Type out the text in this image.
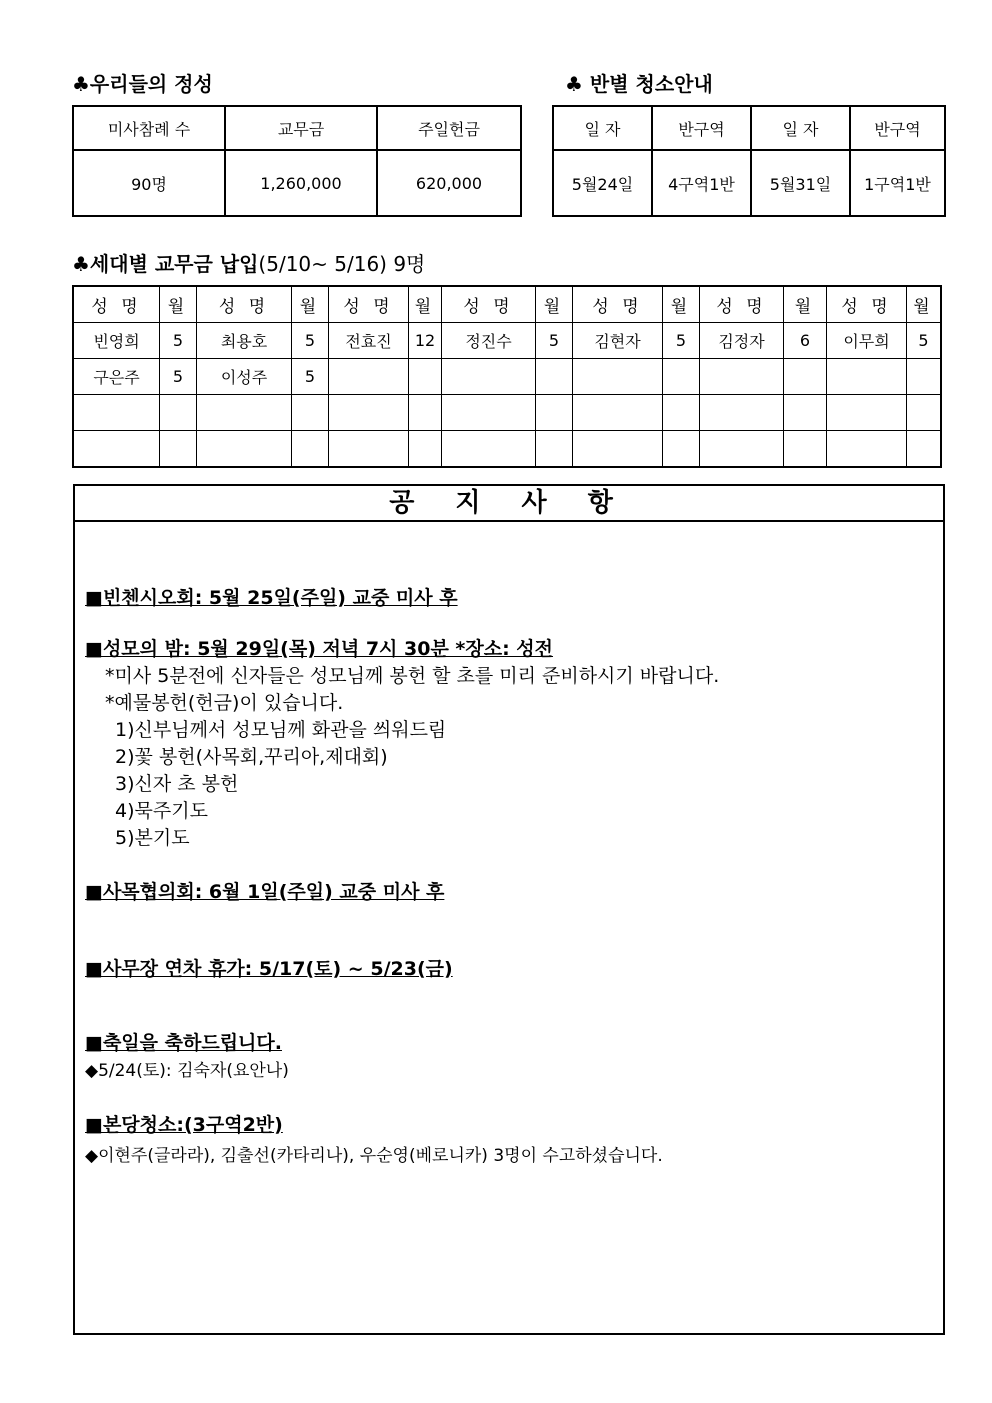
♣우리들의 정성
미사참례 수	교무금	주일헌금
90명	1,260,000	620,000
♣ 반별 청소안내
일 자	반구역	일 자	반구역
5월24일	4구역1반	5월31일	1구역1반
♣세대별 교무금 납입(5/10~ 5/16) 9명
성 명	월	성 명	월	성 명	월	성 명	월	성 명	월	성 명	월	성 명	월
빈영희	5	최용호	5	전효진	12	정진수	5	김현자	5	김정자	6	이무희	5
구은주	5	이성주	5										

공 지 사 항
■빈첸시오회: 5월 25일(주일) 교중 미사 후
■성모의 밤: 5월 29일(목) 저녁 7시 30분 *장소: 성전
*미사 5분전에 신자들은 성모님께 봉헌 할 초를 미리 준비하시기 바랍니다.
*예물봉헌(헌금)이 있습니다.
1)신부님께서 성모님께 화관을 씌워드림
2)꽃 봉헌(사목회,꾸리아,제대회)
3)신자 초 봉헌
4)묵주기도
5)본기도
■사목협의회: 6월 1일(주일) 교중 미사 후
■사무장 연차 휴가: 5/17(토) ~ 5/23(금)
■축일을 축하드립니다.
◆5/24(토): 김숙자(요안나)
■본당청소:(3구역2반)
◆이현주(글라라), 김출선(카타리나), 우순영(베로니카) 3명이 수고하셨습니다.
